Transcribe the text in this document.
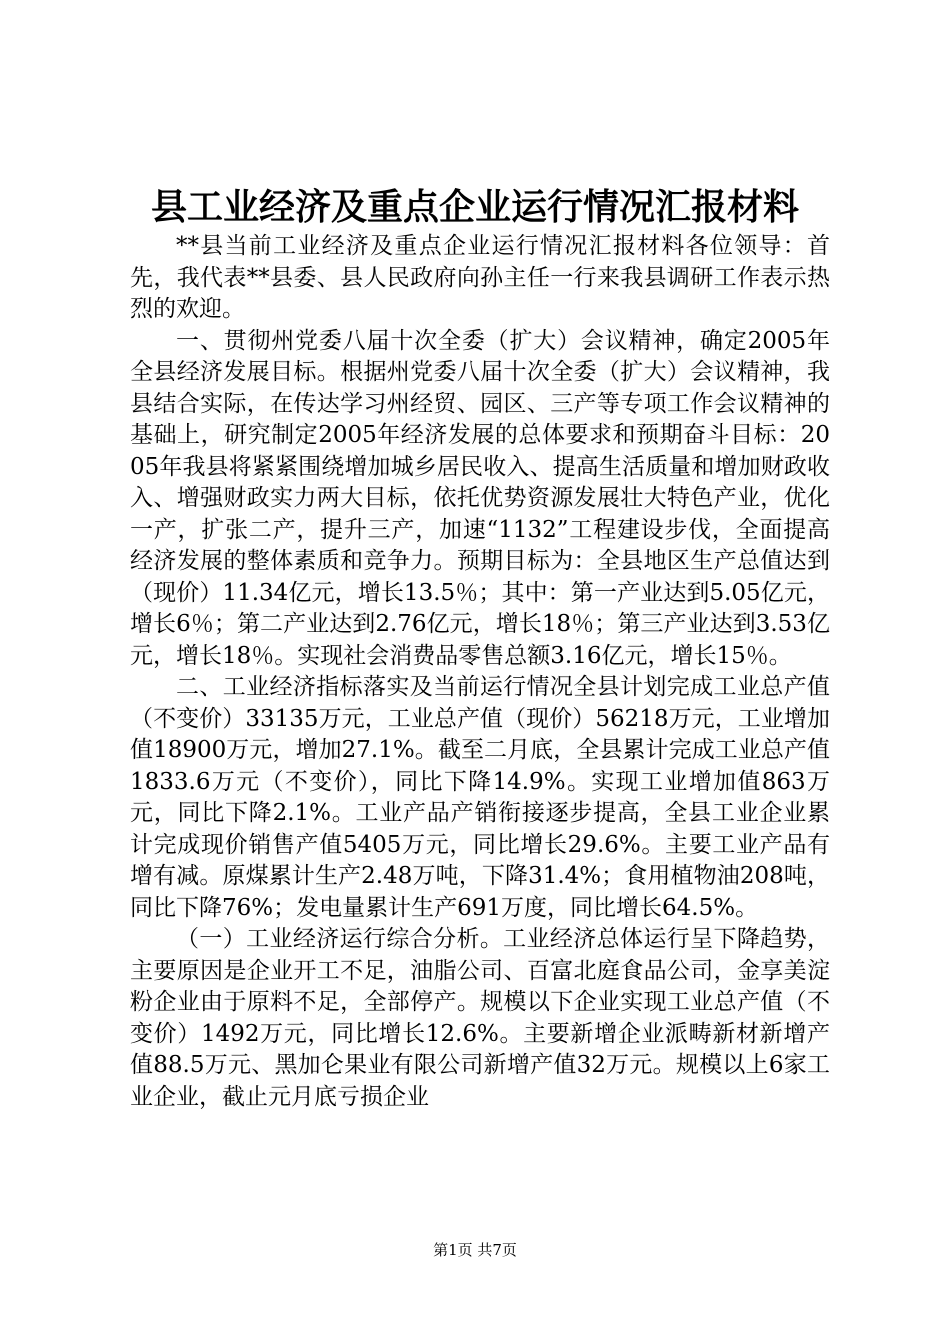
县工业经济及重点企业运行情况汇报材料

**县当前工业经济及重点企业运行情况汇报材料各位领导：首先，我代表**县委、县人民政府向孙主任一行来我县调研工作表示热烈的欢迎。

一、贯彻州党委八届十次全委（扩大）会议精神，确定2005年全县经济发展目标。根据州党委八届十次全委（扩大）会议精神，我县结合实际，在传达学习州经贸、园区、三产等专项工作会议精神的基础上，研究制定2005年经济发展的总体要求和预期奋斗目标：2005年我县将紧紧围绕增加城乡居民收入、提高生活质量和增加财政收入、增强财政实力两大目标，依托优势资源发展壮大特色产业，优化一产，扩张二产，提升三产，加速“1132”工程建设步伐，全面提高经济发展的整体素质和竞争力。预期目标为：全县地区生产总值达到（现价）11.34亿元，增长13.5％；其中：第一产业达到5.05亿元，增长6％；第二产业达到2.76亿元，增长18％；第三产业达到3.53亿元，增长18％。实现社会消费品零售总额3.16亿元，增长15％。

二、工业经济指标落实及当前运行情况全县计划完成工业总产值（不变价）33135万元，工业总产值（现价）56218万元，工业增加值18900万元，增加27.1%。截至二月底，全县累计完成工业总产值1833.6万元（不变价），同比下降14.9%。实现工业增加值863万元，同比下降2.1%。工业产品产销衔接逐步提高，全县工业企业累计完成现价销售产值5405万元，同比增长29.6%。主要工业产品有增有减。原煤累计生产2.48万吨，下降31.4%；食用植物油208吨，同比下降76%；发电量累计生产691万度，同比增长64.5%。

（一）工业经济运行综合分析。工业经济总体运行呈下降趋势，主要原因是企业开工不足，油脂公司、百富北庭食品公司，金享美淀粉企业由于原料不足，全部停产。规模以下企业实现工业总产值（不变价）1492万元，同比增长12.6%。主要新增企业派畴新材新增产值88.5万元、黑加仑果业有限公司新增产值32万元。规模以上6家工业企业，截止元月底亏损企业

第1页 共7页
